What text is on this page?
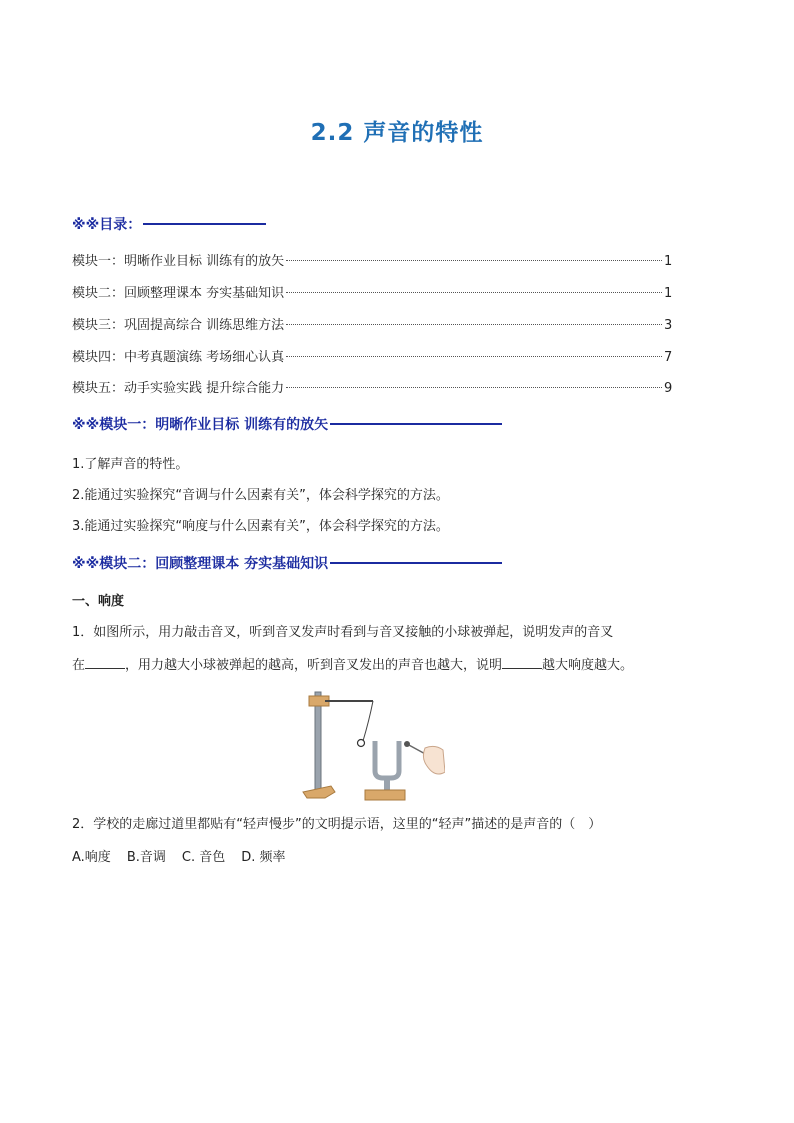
2.2 声音的特性
※※目录：
模块一：明晰作业目标 训练有的放矢	1
模块二：回顾整理课本 夯实基础知识	1
模块三：巩固提高综合 训练思维方法	3
模块四：中考真题演练 考场细心认真	7
模块五：动手实验实践 提升综合能力	9
※※模块一：明晰作业目标 训练有的放矢
1.了解声音的特性。
2.能通过实验探究“音调与什么因素有关”，体会科学探究的方法。
3.能通过实验探究“响度与什么因素有关”，体会科学探究的方法。
※※模块二：回顾整理课本 夯实基础知识
一、响度
1．如图所示，用力敲击音叉，听到音叉发声时看到与音叉接触的小球被弹起，说明发声的音叉
在	，用力越大小球被弹起的越高，听到音叉发出的声音也越大，说明	越大响度越大。
2．学校的走廊过道里都贴有“轻声慢步”的文明提示语，这里的“轻声”描述的是声音的（　）
A.响度 B.音调 C. 音色 D. 频率
